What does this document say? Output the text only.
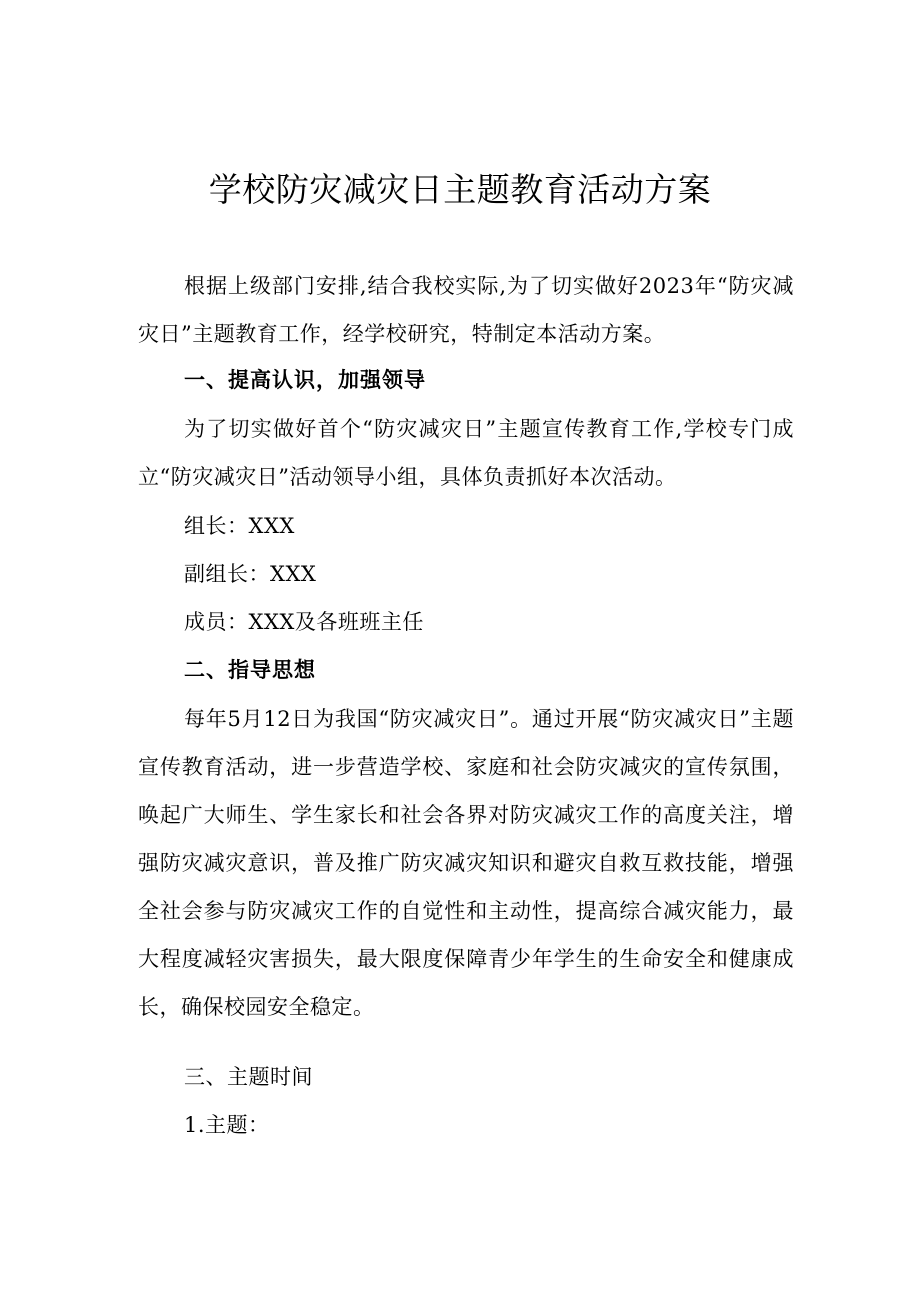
学校防灾减灾日主题教育活动方案
根据上级部门安排,结合我校实际,为了切实做好2023年“防灾减灾日”主题教育工作，经学校研究，特制定本活动方案。
一、提高认识，加强领导
为了切实做好首个“防灾减灾日”主题宣传教育工作,学校专门成立“防灾减灾日”活动领导小组，具体负责抓好本次活动。
组长：XXX
副组长：XXX
成员：XXX及各班班主任
二、指导思想
每年5月12日为我国“防灾减灾日”。通过开展“防灾减灾日”主题宣传教育活动，进一步营造学校、家庭和社会防灾减灾的宣传氛围，唤起广大师生、学生家长和社会各界对防灾减灾工作的高度关注，增强防灾减灾意识，普及推广防灾减灾知识和避灾自救互救技能，增强全社会参与防灾减灾工作的自觉性和主动性，提高综合减灾能力，最大程度减轻灾害损失，最大限度保障青少年学生的生命安全和健康成长，确保校园安全稳定。
三、主题时间
1.主题：
